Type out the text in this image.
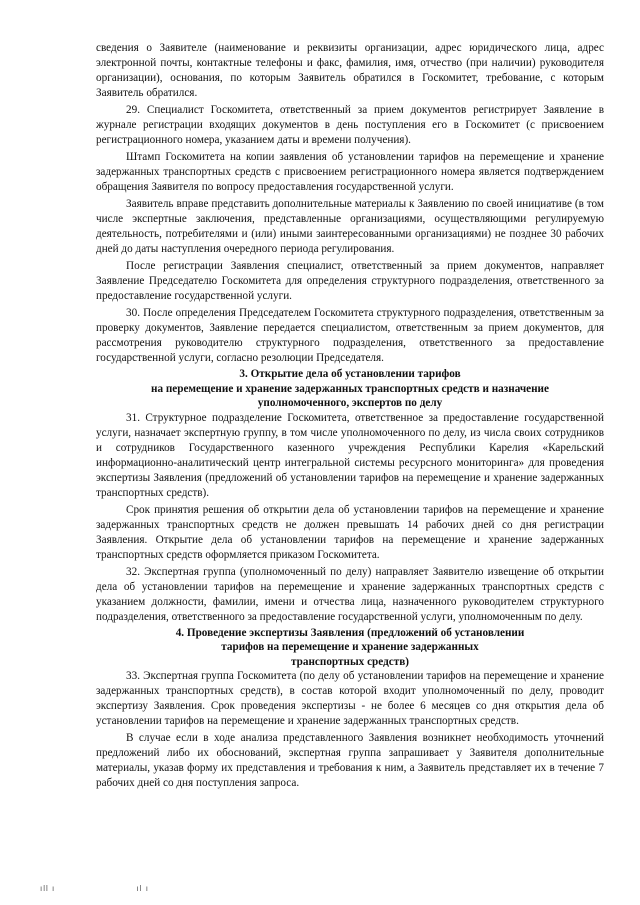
сведения о Заявителе (наименование и реквизиты организации, адрес юридического лица, адрес электронной почты, контактные телефоны и факс, фамилия, имя, отчество (при наличии) руководителя организации), основания, по которым Заявитель обратился в Госкомитет, требование, с которым Заявитель обратился.

29. Специалист Госкомитета, ответственный за прием документов регистрирует Заявление в журнале регистрации входящих документов в день поступления его в Госкомитет (с присвоением регистрационного номера, указанием даты и времени получения).

Штамп Госкомитета на копии заявления об установлении тарифов на перемещение и хранение задержанных транспортных средств с присвоением регистрационного номера является подтверждением обращения Заявителя по вопросу предоставления государственной услуги.

Заявитель вправе представить дополнительные материалы к Заявлению по своей инициативе (в том числе экспертные заключения, представленные организациями, осуществляющими регулируемую деятельность, потребителями и (или) иными заинтересованными организациями) не позднее 30 рабочих дней до даты наступления очередного периода регулирования.

После регистрации Заявления специалист, ответственный за прием документов, направляет Заявление Председателю Госкомитета для определения структурного подразделения, ответственного за предоставление государственной услуги.

30. После определения Председателем Госкомитета структурного подразделения, ответственным за проверку документов, Заявление передается специалистом, ответственным за прием документов, для рассмотрения руководителю структурного подразделения, ответственного за предоставление государственной услуги, согласно резолюции Председателя.

3. Открытие дела об установлении тарифов
на перемещение и хранение задержанных транспортных средств и назначение
уполномоченного, экспертов по делу

31. Структурное подразделение Госкомитета, ответственное за предоставление государственной услуги, назначает экспертную группу, в том числе уполномоченного по делу, из числа своих сотрудников и сотрудников Государственного казенного учреждения Республики Карелия «Карельский информационно-аналитический центр интегральной системы ресурсного мониторинга» для проведения экспертизы Заявления (предложений об установлении тарифов на перемещение и хранение задержанных транспортных средств).

Срок принятия решения об открытии дела об установлении тарифов на перемещение и хранение задержанных транспортных средств не должен превышать 14 рабочих дней со дня регистрации Заявления. Открытие дела об установлении тарифов на перемещение и хранение задержанных транспортных средств оформляется приказом Госкомитета.

32. Экспертная группа (уполномоченный по делу) направляет Заявителю извещение об открытии дела об установлении тарифов на перемещение и хранение задержанных транспортных средств с указанием должности, фамилии, имени и отчества лица, назначенного руководителем структурного подразделения, ответственного за предоставление государственной услуги, уполномоченным по делу.

4. Проведение экспертизы Заявления (предложений об установлении
тарифов на перемещение и хранение задержанных
транспортных средств)

33. Экспертная группа Госкомитета (по делу об установлении тарифов на перемещение и хранение задержанных транспортных средств), в состав которой входит уполномоченный по делу, проводит экспертизу Заявления. Срок проведения экспертизы - не более 6 месяцев со дня открытия дела об установлении тарифов на перемещение и хранение задержанных транспортных средств.

В случае если в ходе анализа представленного Заявления возникнет необходимость уточнений предложений либо их обоснований, экспертная группа запрашивает у Заявителя дополнительные материалы, указав форму их представления и требования к ним, а Заявитель представляет их в течение 7 рабочих дней со дня поступления запроса.

ıll ı	ıl ı
